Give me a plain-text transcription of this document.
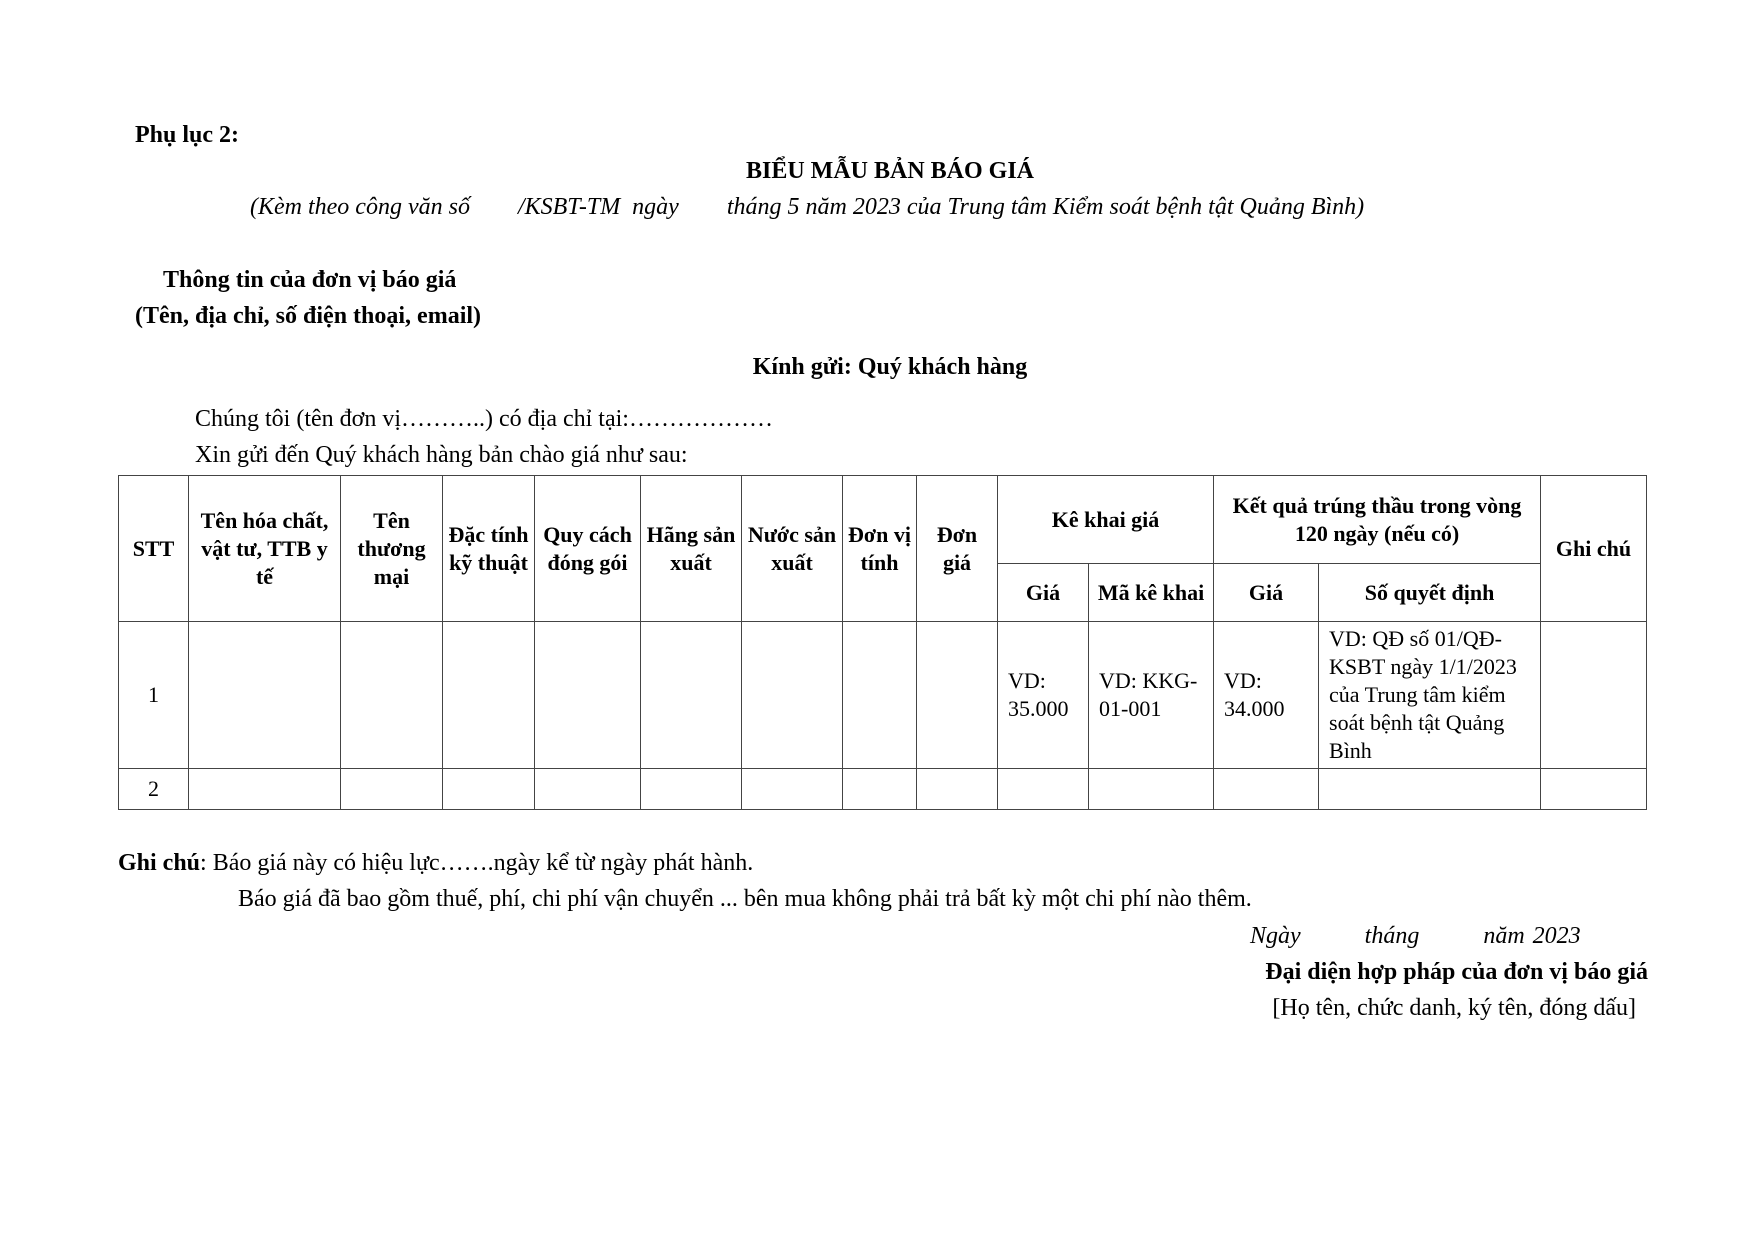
Phụ lục 2:
BIỂU MẪU BẢN BÁO GIÁ
(Kèm theo công văn số        /KSBT-TM  ngày        tháng 5 năm 2023 của Trung tâm Kiểm soát bệnh tật Quảng Bình)
Thông tin của đơn vị báo giá
(Tên, địa chỉ, số điện thoại, email)
Kính gửi: Quý khách hàng
Chúng tôi (tên đơn vị………..) có địa chỉ tại:………………
Xin gửi đến Quý khách hàng bản chào giá như sau:
STT	Tên hóa chất, vật tư, TTB y tế	Tên thương mại	Đặc tính kỹ thuật	Quy cách đóng gói	Hãng sản xuất	Nước sản xuất	Đơn vị tính	Đơn giá	Kê khai giá		Kết quả trúng thầu trong vòng 120 ngày (nếu có)		Ghi chú
									Giá	Mã kê khai	Giá	Số quyết định	
1									VD: 35.000	VD: KKG-01-001	VD: 34.000	VD: QĐ số 01/QĐ-KSBT ngày 1/1/2023 của Trung tâm kiểm soát bệnh tật Quảng Bình	
2													
Ghi chú: Báo giá này có hiệu lực…….ngày kể từ ngày phát hành.
Báo giá đã bao gồm thuế, phí, chi phí vận chuyển ... bên mua không phải trả bất kỳ một chi phí nào thêm.
Ngày        tháng        năm 2023
Đại diện hợp pháp của đơn vị báo giá
[Họ tên, chức danh, ký tên, đóng dấu]
